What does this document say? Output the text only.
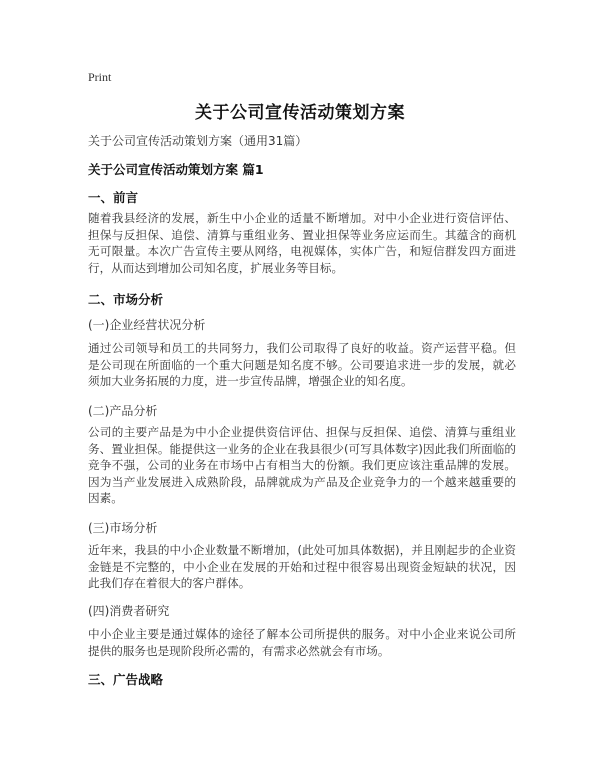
Print
关于公司宣传活动策划方案
关于公司宣传活动策划方案（通用31篇）
关于公司宣传活动策划方案 篇1
一、前言
随着我县经济的发展，新生中小企业的适量不断增加。对中小企业进行资信评估、担保与反担保、追偿、清算与重组业务、置业担保等业务应运而生。其蕴含的商机无可限量。本次广告宣传主要从网络，电视媒体，实体广告，和短信群发四方面进行，从而达到增加公司知名度，扩展业务等目标。
二、市场分析
(一)企业经营状况分析
通过公司领导和员工的共同努力，我们公司取得了良好的收益。资产运营平稳。但是公司现在所面临的一个重大问题是知名度不够。公司要追求进一步的发展，就必须加大业务拓展的力度，进一步宣传品牌，增强企业的知名度。
(二)产品分析
公司的主要产品是为中小企业提供资信评估、担保与反担保、追偿、清算与重组业务、置业担保。能提供这一业务的企业在我县很少(可写具体数字)因此我们所面临的竞争不强，公司的业务在市场中占有相当大的份额。我们更应该注重品牌的发展。因为当产业发展进入成熟阶段，品牌就成为产品及企业竞争力的一个越来越重要的因素。
(三)市场分析
近年来，我县的中小企业数量不断增加，(此处可加具体数据)，并且刚起步的企业资金链是不完整的，中小企业在发展的开始和过程中很容易出现资金短缺的状况，因此我们存在着很大的客户群体。
(四)消费者研究
中小企业主要是通过媒体的途径了解本公司所提供的服务。对中小企业来说公司所提供的服务也是现阶段所必需的，有需求必然就会有市场。
三、广告战略
